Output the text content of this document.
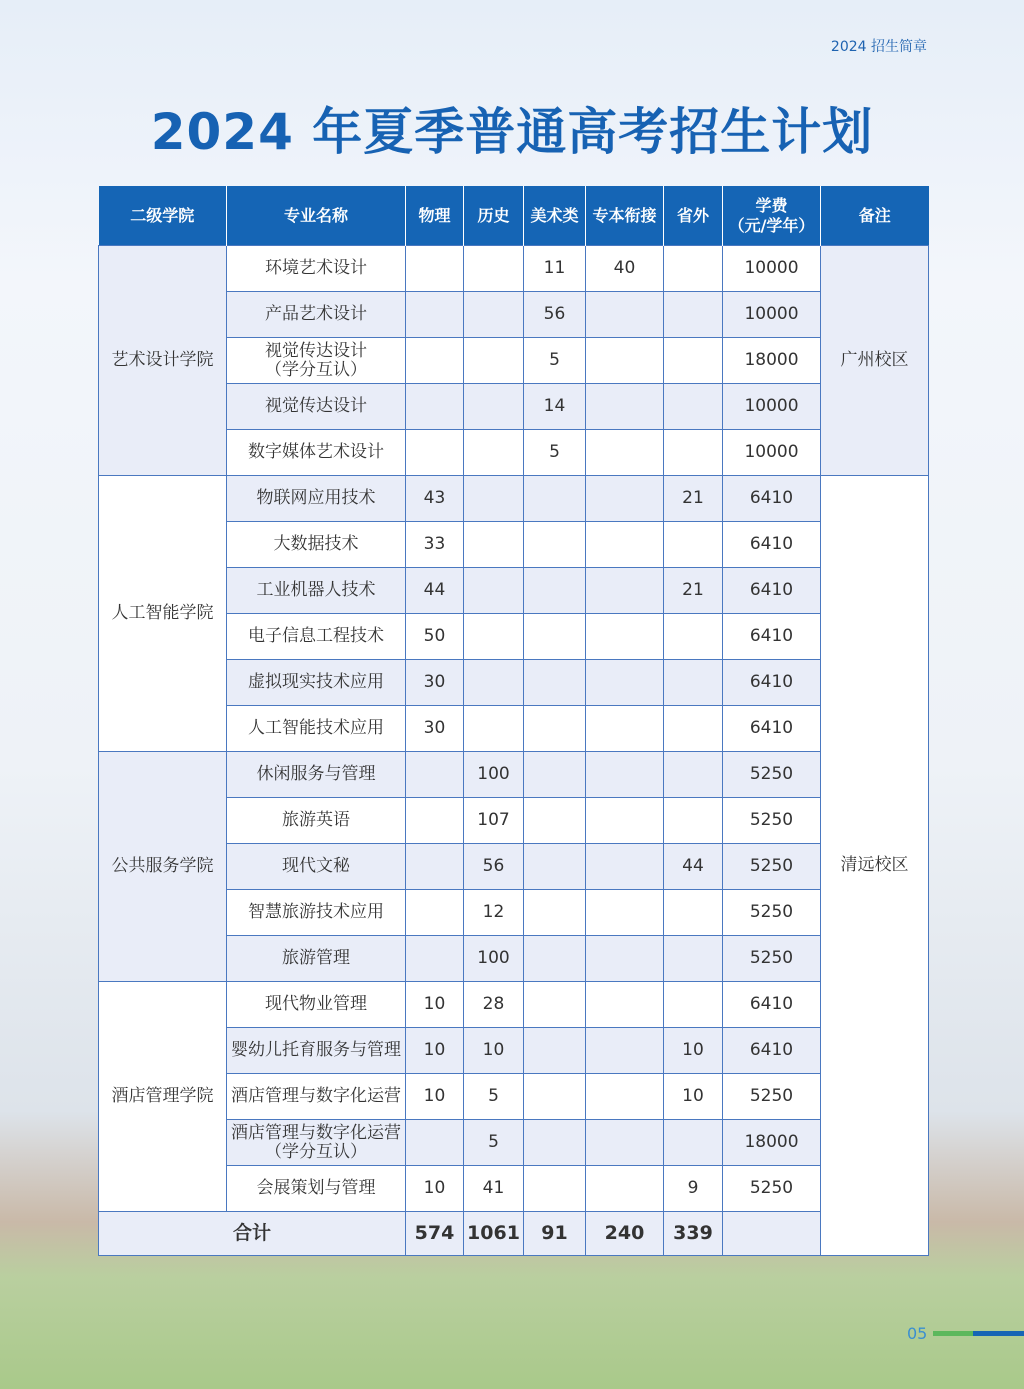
2024 招生简章
2024 年夏季普通高考招生计划
二级学院	专业名称	物理	历史	美术类	专本衔接	省外	学费
（元/学年）	备注	
艺术设计学院	环境艺术设计			11	40		10000	广州校区	
	产品艺术设计			56			10000		
	视觉传达设计
（学分互认）			5			18000		
	视觉传达设计			14			10000		
	数字媒体艺术设计			5			10000		
人工智能学院	物联网应用技术	43				21	6410	清远校区	
	大数据技术	33					6410		
	工业机器人技术	44				21	6410		
	电子信息工程技术	50					6410		
	虚拟现实技术应用	30					6410		
	人工智能技术应用	30					6410		
公共服务学院	休闲服务与管理		100				5250		
	旅游英语		107				5250		
	现代文秘		56			44	5250		
	智慧旅游技术应用		12				5250		
	旅游管理		100				5250		
酒店管理学院	现代物业管理	10	28				6410		
	婴幼儿托育服务与管理	10	10			10	6410		
	酒店管理与数字化运营	10	5			10	5250		
	酒店管理与数字化运营
（学分互认）		5				18000		
	会展策划与管理	10	41			9	5250		
合计		574	1061	91	240	339			
05
